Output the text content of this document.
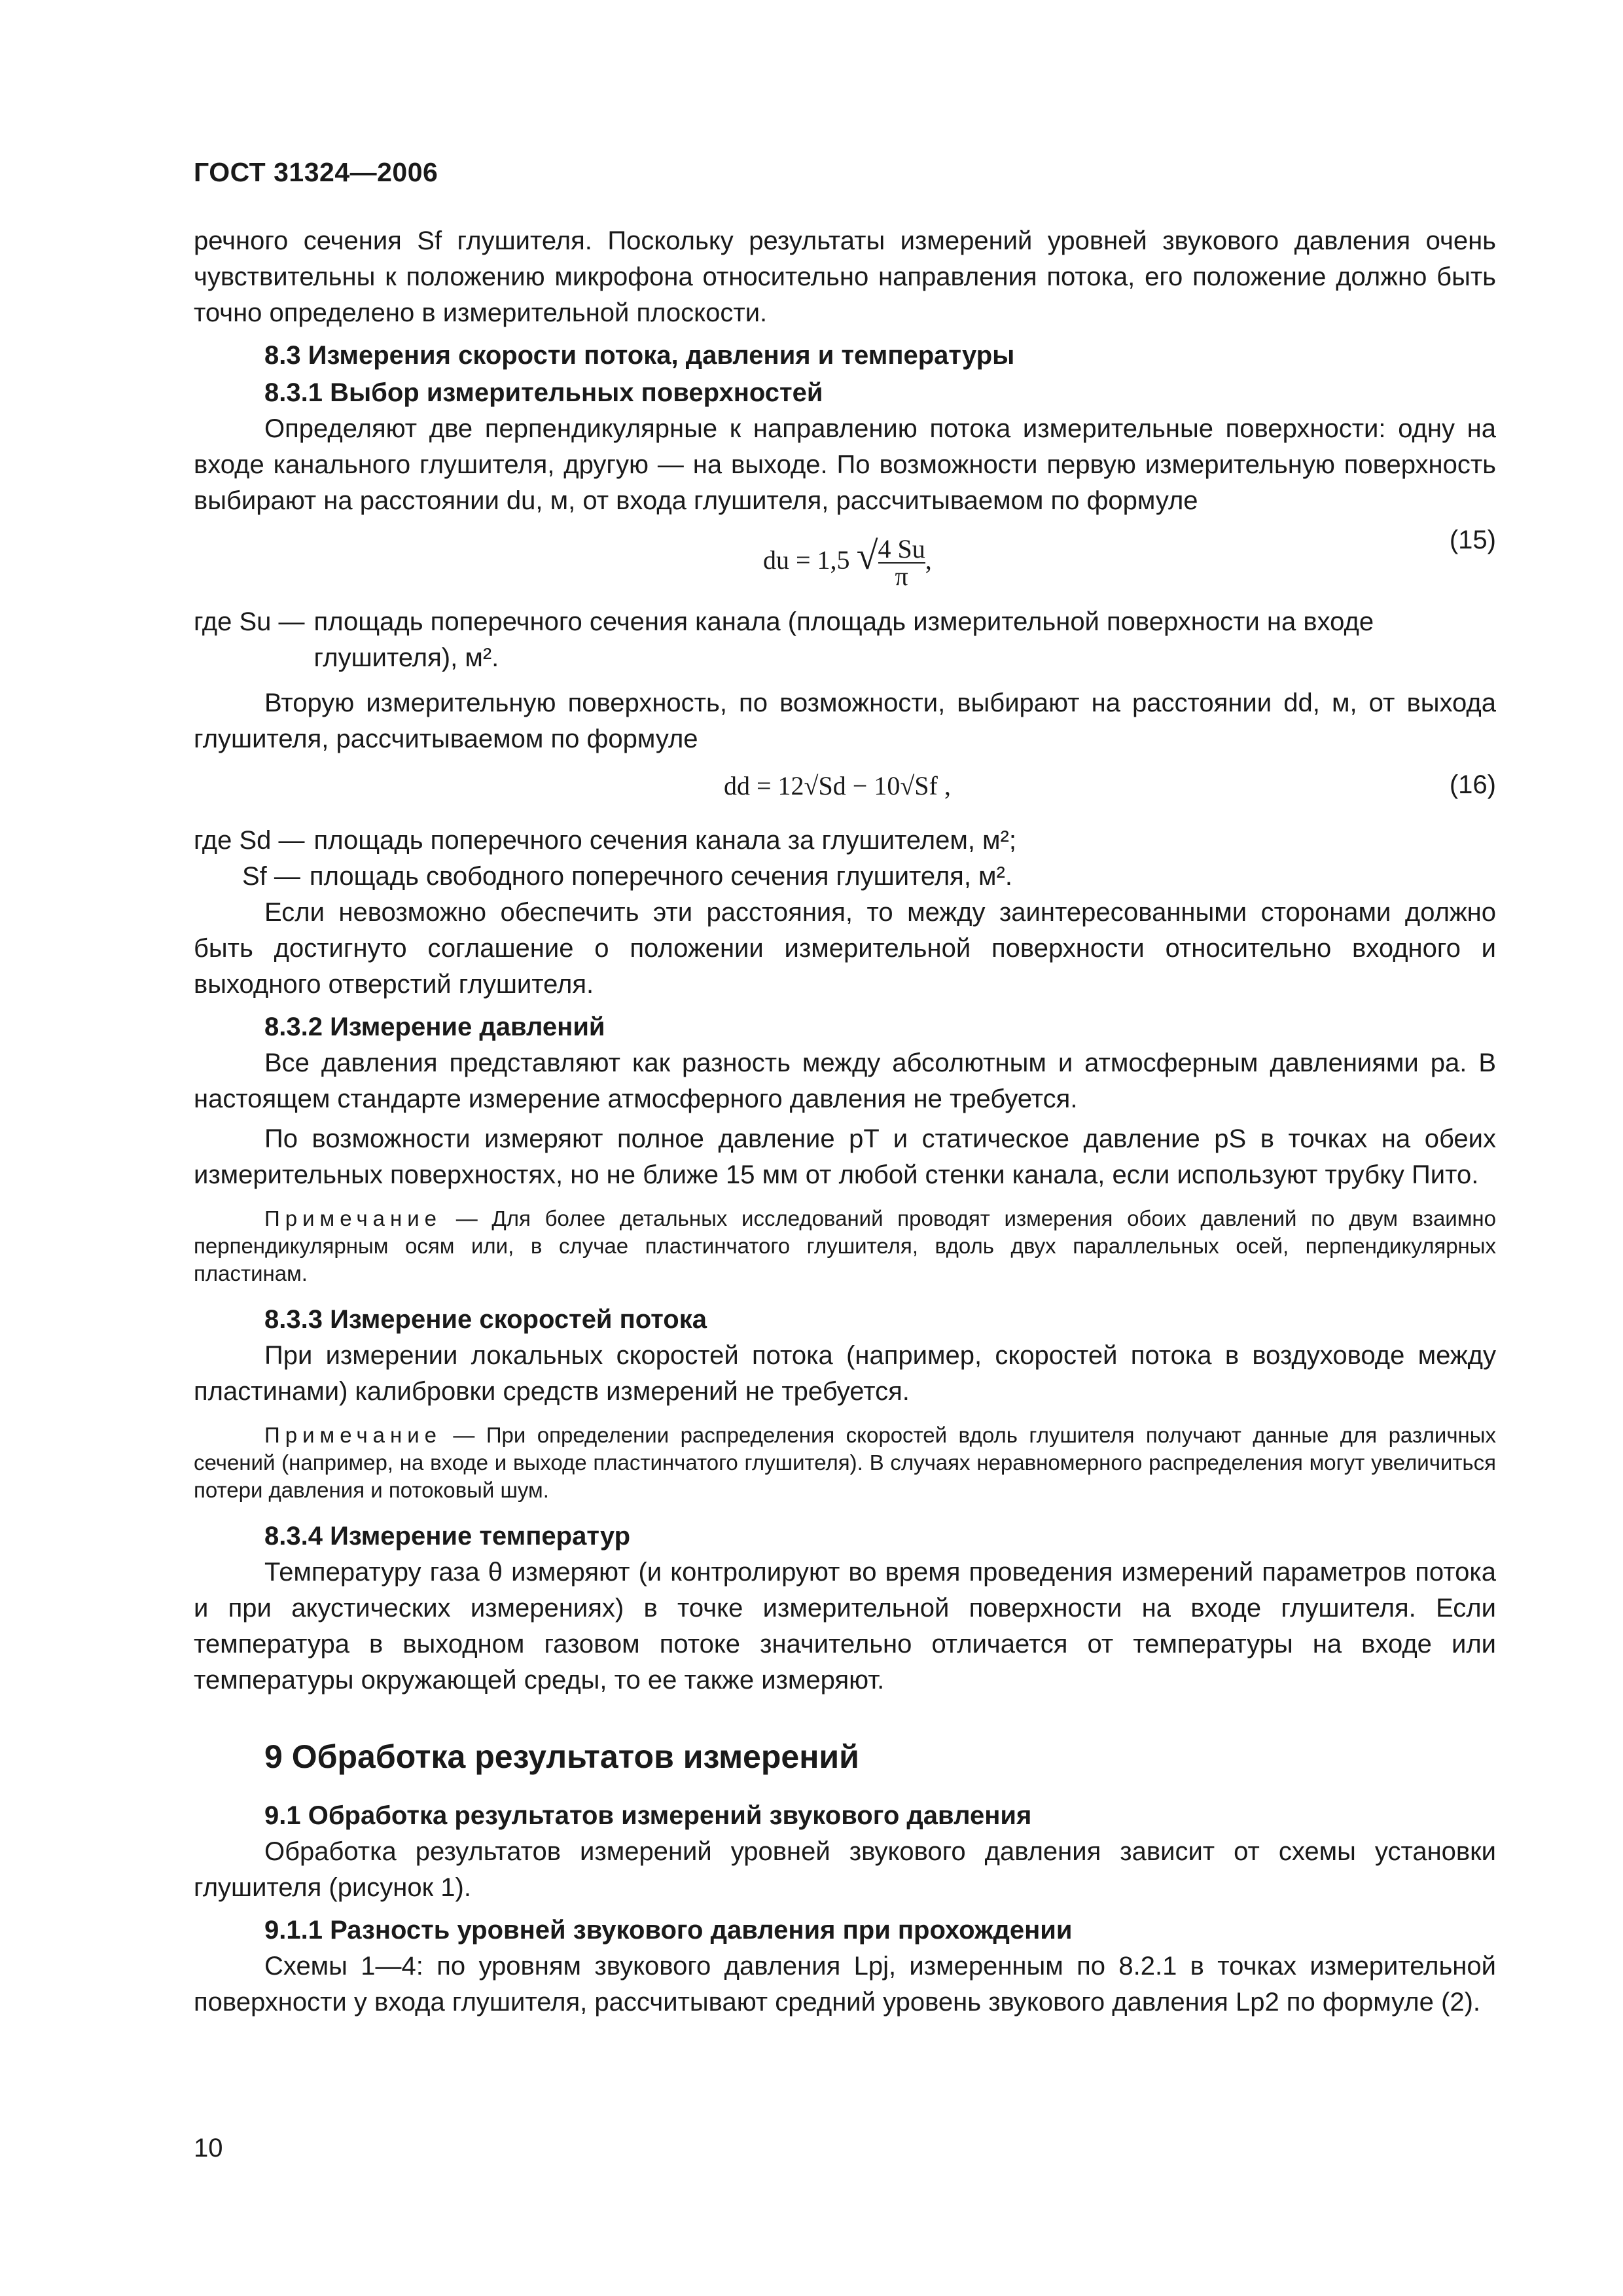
ГОСТ 31324—2006

речного сечения Sf глушителя. Поскольку результаты измерений уровней звукового давления очень чувствительны к положению микрофона относительно направления потока, его положение должно быть точно определено в измерительной плоскости.

8.3 Измерения скорости потока, давления и температуры
8.3.1 Выбор измерительных поверхностей

Определяют две перпендикулярные к направлению потока измерительные поверхности: одну на входе канального глушителя, другую — на выходе. По возможности первую измерительную поверхность выбирают на расстоянии du, м, от входа глушителя, рассчитываемом по формуле

du = 1,5 √ $\frac{4 Su}{\pi}$ ,
(15)
где Su — площадь поперечного сечения канала (площадь измерительной поверхности на входе глушителя), м².

Вторую измерительную поверхность, по возможности, выбирают на расстоянии dd, м, от выхода глушителя, рассчитываемом по формуле

dd = 12√Sd − 10√Sf ,	(16)
где Sd — площадь поперечного сечения канала за глушителем, м²;
Sf — площадь свободного поперечного сечения глушителя, м².

Если невозможно обеспечить эти расстояния, то между заинтересованными сторонами должно быть достигнуто соглашение о положении измерительной поверхности относительно входного и выходного отверстий глушителя.

8.3.2 Измерение давлений

Все давления представляют как разность между абсолютным и атмосферным давлениями pa. В настоящем стандарте измерение атмосферного давления не требуется.

По возможности измеряют полное давление pT и статическое давление pS в точках на обеих измерительных поверхностях, но не ближе 15 мм от любой стенки канала, если используют трубку Пито.

Примечание — Для более детальных исследований проводят измерения обоих давлений по двум взаимно перпендикулярным осям или, в случае пластинчатого глушителя, вдоль двух параллельных осей, перпендикулярных пластинам.
8.3.3 Измерение скоростей потока

При измерении локальных скоростей потока (например, скоростей потока в воздуховоде между пластинами) калибровки средств измерений не требуется.

Примечание — При определении распределения скоростей вдоль глушителя получают данные для различных сечений (например, на входе и выходе пластинчатого глушителя). В случаях неравномерного распределения могут увеличиться потери давления и потоковый шум.
8.3.4 Измерение температур

Температуру газа θ измеряют (и контролируют во время проведения измерений параметров потока и при акустических измерениях) в точке измерительной поверхности на входе глушителя. Если температура в выходном газовом потоке значительно отличается от температуры на входе или температуры окружающей среды, то ее также измеряют.

9 Обработка результатов измерений
9.1 Обработка результатов измерений звукового давления

Обработка результатов измерений уровней звукового давления зависит от схемы установки глушителя (рисунок 1).

9.1.1 Разность уровней звукового давления при прохождении

Схемы 1—4: по уровням звукового давления Lpj, измеренным по 8.2.1 в точках измерительной поверхности у входа глушителя, рассчитывают средний уровень звукового давления Lp2 по формуле (2).

10
